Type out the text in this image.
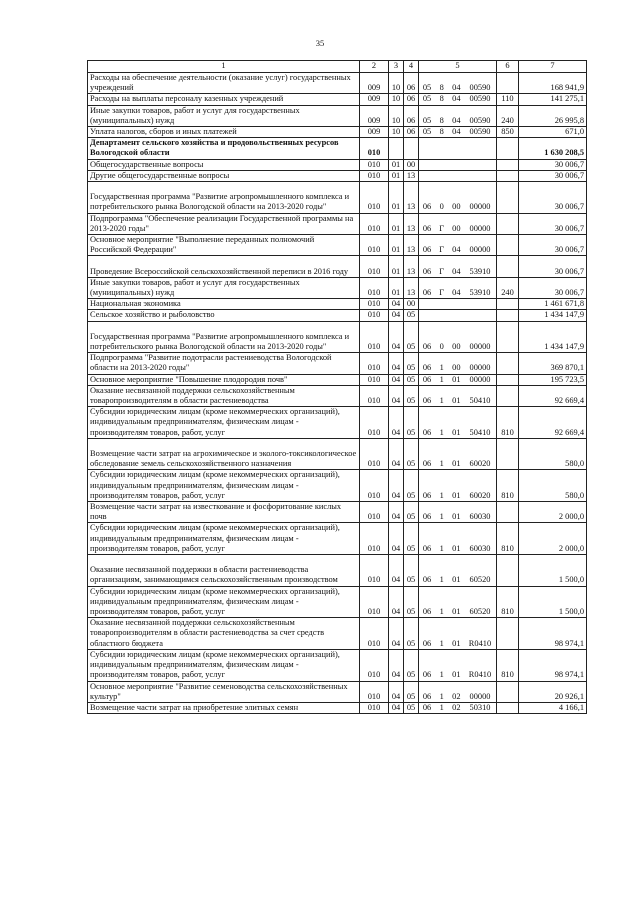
35
1	2	3	4	5	6	7
Расходы на обеспечение деятельности (оказание услуг) государственных учреждений	009	10	06	05 8 04 00590		168 941,9
Расходы на выплаты персоналу казенных учреждений	009	10	06	05 8 04 00590	110	141 275,1
Иные закупки товаров, работ и услуг для государственных (муниципальных) нужд	009	10	06	05 8 04 00590	240	26 995,8
Уплата налогов, сборов и иных платежей	009	10	06	05 8 04 00590	850	671,0
Департамент сельского хозяйства и продовольственных ресурсов Вологодской области	010					1 630 208,5
Общегосударственные вопросы	010	01	00			30 006,7
Другие общегосударственные вопросы	010	01	13			30 006,7
Государственная программа "Развитие агропромышленного комплекса и потребительского рынка Вологодской области на 2013-2020 годы"	010	01	13	06 0 00 00000		30 006,7
Подпрограмма "Обеспечение реализации Государственной программы на 2013-2020 годы"	010	01	13	06 Г 00 00000		30 006,7
Основное мероприятие "Выполнение переданных полномочий Российской Федерации"	010	01	13	06 Г 04 00000		30 006,7
Проведение Всероссийской сельскохозяйственной переписи в 2016 году	010	01	13	06 Г 04 53910		30 006,7
Иные закупки товаров, работ и услуг для государственных (муниципальных) нужд	010	01	13	06 Г 04 53910	240	30 006,7
Национальная экономика	010	04	00			1 461 671,8
Сельское хозяйство и рыболовство	010	04	05			1 434 147,9
Государственная программа "Развитие агропромышленного комплекса и потребительского рынка Вологодской области на 2013-2020 годы"	010	04	05	06 0 00 00000		1 434 147,9
Подпрограмма "Развитие подотрасли растениеводства Вологодской области на 2013-2020 годы"	010	04	05	06 1 00 00000		369 870,1
Основное мероприятие "Повышение плодородия почв"	010	04	05	06 1 01 00000		195 723,5
Оказание несвязанной поддержки сельскохозяйственным товаропроизводителям в области растениеводства	010	04	05	06 1 01 50410		92 669,4
Субсидии юридическим лицам (кроме некоммерческих организаций), индивидуальным предпринимателям, физическим лицам - производителям товаров, работ, услуг	010	04	05	06 1 01 50410	810	92 669,4
Возмещение части затрат на агрохимическое и эколого-токсикологическое обследование земель сельскохозяйственного назначения	010	04	05	06 1 01 60020		580,0
Субсидии юридическим лицам (кроме некоммерческих организаций), индивидуальным предпринимателям, физическим лицам - производителям товаров, работ, услуг	010	04	05	06 1 01 60020	810	580,0
Возмещение части затрат на известкование и фосфоритование кислых почв	010	04	05	06 1 01 60030		2 000,0
Субсидии юридическим лицам (кроме некоммерческих организаций), индивидуальным предпринимателям, физическим лицам - производителям товаров, работ, услуг	010	04	05	06 1 01 60030	810	2 000,0
Оказание несвязанной поддержки в области растениеводства организациям, занимающимся сельскохозяйственным производством	010	04	05	06 1 01 60520		1 500,0
Субсидии юридическим лицам (кроме некоммерческих организаций), индивидуальным предпринимателям, физическим лицам - производителям товаров, работ, услуг	010	04	05	06 1 01 60520	810	1 500,0
Оказание несвязанной поддержки сельскохозяйственным товаропроизводителям в области растениеводства за счет средств областного бюджета	010	04	05	06 1 01 R0410		98 974,1
Субсидии юридическим лицам (кроме некоммерческих организаций), индивидуальным предпринимателям, физическим лицам - производителям товаров, работ, услуг	010	04	05	06 1 01 R0410	810	98 974,1
Основное мероприятие "Развитие семеноводства сельскохозяйственных культур"	010	04	05	06 1 02 00000		20 926,1
Возмещение части затрат на приобретение элитных семян	010	04	05	06 1 02 50310		4 166,1
